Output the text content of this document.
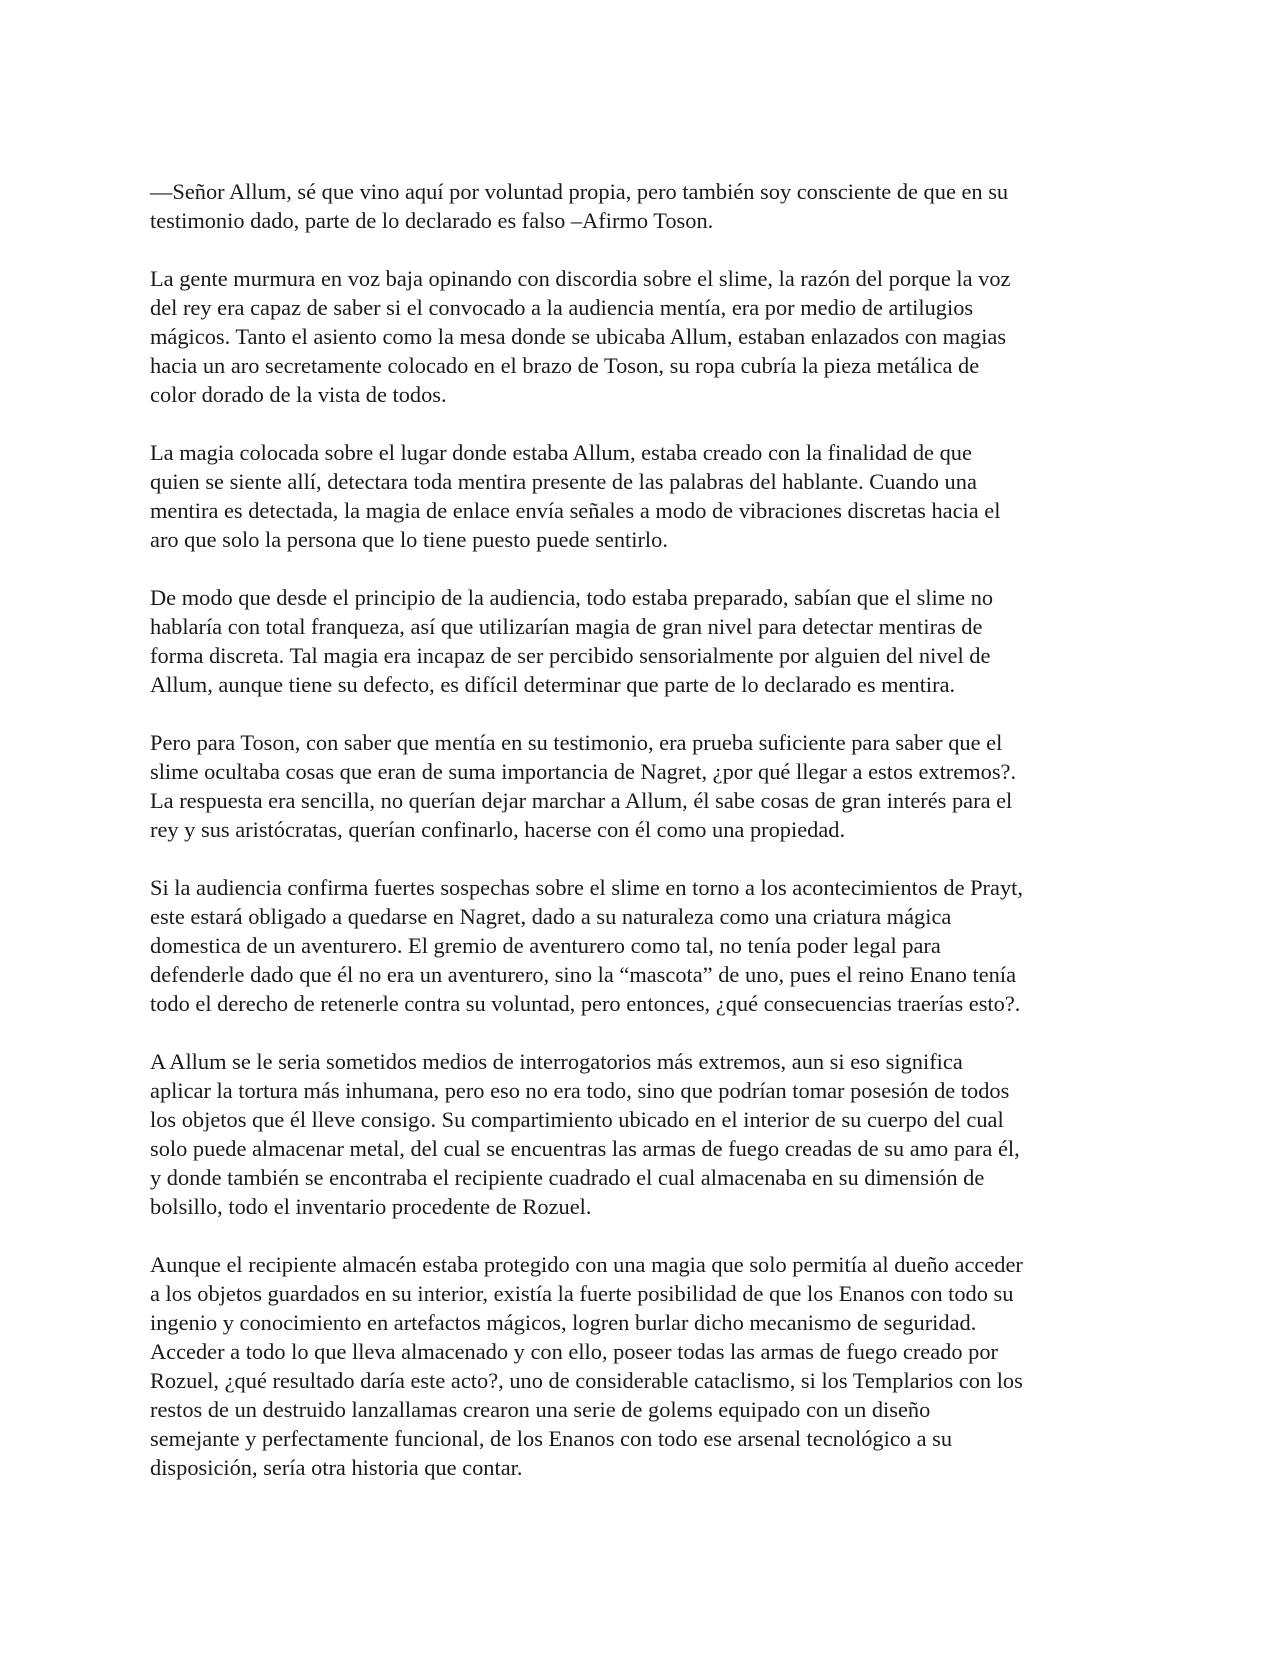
—Señor Allum, sé que vino aquí por voluntad propia, pero también soy consciente de que en su
testimonio dado, parte de lo declarado es falso –Afirmo Toson.

La gente murmura en voz baja opinando con discordia sobre el slime, la razón del porque la voz
del rey era capaz de saber si el convocado a la audiencia mentía, era por medio de artilugios
mágicos. Tanto el asiento como la mesa donde se ubicaba Allum, estaban enlazados con magias
hacia un aro secretamente colocado en el brazo de Toson, su ropa cubría la pieza metálica de
color dorado de la vista de todos.

La magia colocada sobre el lugar donde estaba Allum, estaba creado con la finalidad de que
quien se siente allí, detectara toda mentira presente de las palabras del hablante. Cuando una
mentira es detectada, la magia de enlace envía señales a modo de vibraciones discretas hacia el
aro que solo la persona que lo tiene puesto puede sentirlo.

De modo que desde el principio de la audiencia, todo estaba preparado, sabían que el slime no
hablaría con total franqueza, así que utilizarían magia de gran nivel para detectar mentiras de
forma discreta. Tal magia era incapaz de ser percibido sensorialmente por alguien del nivel de
Allum, aunque tiene su defecto, es difícil determinar que parte de lo declarado es mentira.

Pero para Toson, con saber que mentía en su testimonio, era prueba suficiente para saber que el
slime ocultaba cosas que eran de suma importancia de Nagret, ¿por qué llegar a estos extremos?.
La respuesta era sencilla, no querían dejar marchar a Allum, él sabe cosas de gran interés para el
rey y sus aristócratas, querían confinarlo, hacerse con él como una propiedad.

Si la audiencia confirma fuertes sospechas sobre el slime en torno a los acontecimientos de Prayt,
este estará obligado a quedarse en Nagret, dado a su naturaleza como una criatura mágica
domestica de un aventurero. El gremio de aventurero como tal, no tenía poder legal para
defenderle dado que él no era un aventurero, sino la “mascota” de uno, pues el reino Enano tenía
todo el derecho de retenerle contra su voluntad, pero entonces, ¿qué consecuencias traerías esto?.

A Allum se le seria sometidos medios de interrogatorios más extremos, aun si eso significa
aplicar la tortura más inhumana, pero eso no era todo, sino que podrían tomar posesión de todos
los objetos que él lleve consigo. Su compartimiento ubicado en el interior de su cuerpo del cual
solo puede almacenar metal, del cual se encuentras las armas de fuego creadas de su amo para él,
y donde también se encontraba el recipiente cuadrado el cual almacenaba en su dimensión de
bolsillo, todo el inventario procedente de Rozuel.

Aunque el recipiente almacén estaba protegido con una magia que solo permitía al dueño acceder
a los objetos guardados en su interior, existía la fuerte posibilidad de que los Enanos con todo su
ingenio y conocimiento en artefactos mágicos, logren burlar dicho mecanismo de seguridad.
Acceder a todo lo que lleva almacenado y con ello, poseer todas las armas de fuego creado por
Rozuel, ¿qué resultado daría este acto?, uno de considerable cataclismo, si los Templarios con los
restos de un destruido lanzallamas crearon una serie de golems equipado con un diseño
semejante y perfectamente funcional, de los Enanos con todo ese arsenal tecnológico a su
disposición, sería otra historia que contar.
